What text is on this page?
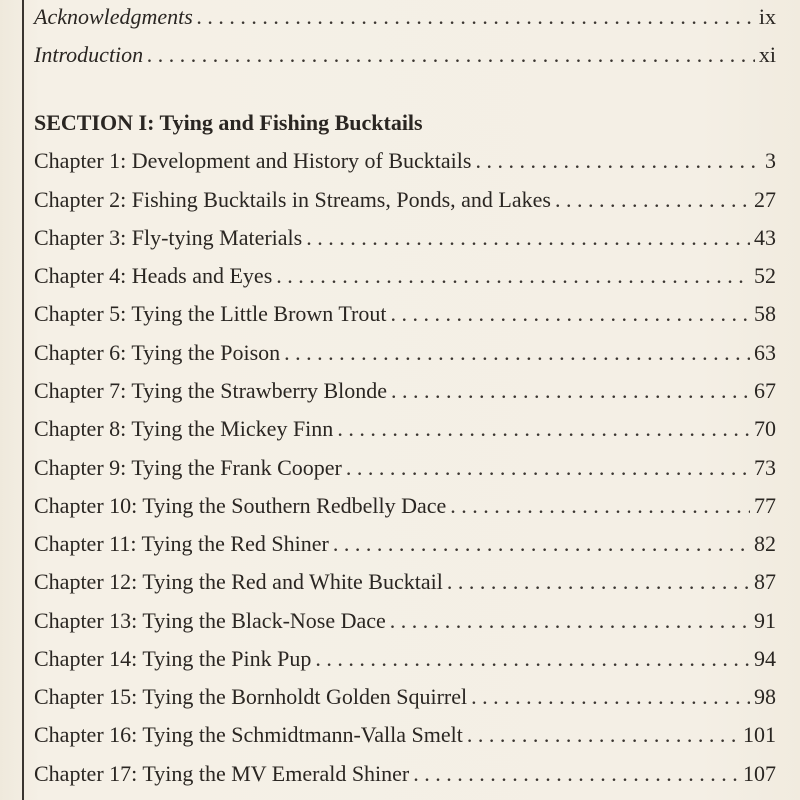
Acknowledgments . . .	ix
Introduction . . .	xi
SECTION I: Tying and Fishing Bucktails
Chapter 1: Development and History of Bucktails . . .	3
Chapter 2: Fishing Bucktails in Streams, Ponds, and Lakes . . .	27
Chapter 3: Fly-tying Materials . . .	43
Chapter 4: Heads and Eyes . . .	52
Chapter 5: Tying the Little Brown Trout . . .	58
Chapter 6: Tying the Poison . . .	63
Chapter 7: Tying the Strawberry Blonde . . .	67
Chapter 8: Tying the Mickey Finn . . .	70
Chapter 9: Tying the Frank Cooper . . .	73
Chapter 10: Tying the Southern Redbelly Dace . . .	77
Chapter 11: Tying the Red Shiner . . .	82
Chapter 12: Tying the Red and White Bucktail . . .	87
Chapter 13: Tying the Black-Nose Dace . . .	91
Chapter 14: Tying the Pink Pup . . .	94
Chapter 15: Tying the Bornholdt Golden Squirrel . . .	98
Chapter 16: Tying the Schmidtmann-Valla Smelt . . .	101
Chapter 17: Tying the MV Emerald Shiner . . .	107
